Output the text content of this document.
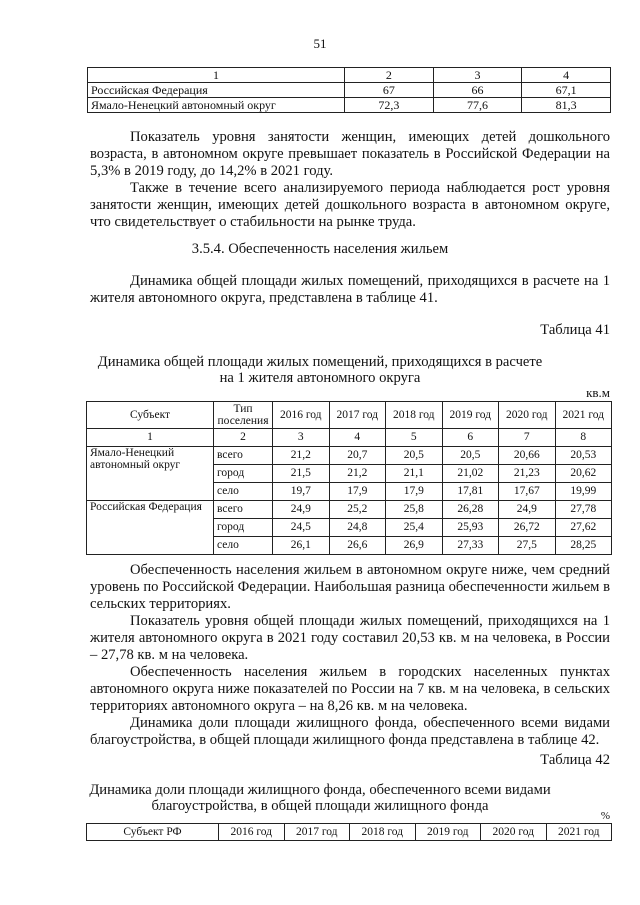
51
1	2	3	4
Российская Федерация	67	66	67,1
Ямало-Ненецкий автономный округ	72,3	77,6	81,3

Показатель уровня занятости женщин, имеющих детей дошкольного возраста, в автономном округе превышает показатель в Российской Федерации на 5,3% в 2019 году, до 14,2% в 2021 году.

Также в течение всего анализируемого периода наблюдается рост уровня занятости женщин, имеющих детей дошкольного возраста в автономном округе, что свидетельствует о стабильности на рынке труда.

3.5.4. Обеспеченность населения жильем

Динамика общей площади жилых помещений, приходящихся в расчете на 1 жителя автономного округа, представлена в таблице 41.

Таблица 41
Динамика общей площади жилых помещений, приходящихся в расчете
на 1 жителя автономного округа
кв.м
Субъект	Тип поселения	2016 год	2017 год	2018 год	2019 год	2020 год	2021 год
1	2	3	4	5	6	7	8
Ямало-Ненецкий автономный округ	всего	21,2	20,7	20,5	20,5	20,66	20,53
	город	21,5	21,2	21,1	21,02	21,23	20,62
	село	19,7	17,9	17,9	17,81	17,67	19,99
Российская Федерация	всего	24,9	25,2	25,8	26,28	24,9	27,78
	город	24,5	24,8	25,4	25,93	26,72	27,62
	село	26,1	26,6	26,9	27,33	27,5	28,25

Обеспеченность населения жильем в автономном округе ниже, чем средний уровень по Российской Федерации. Наибольшая разница обеспеченности жильем в сельских территориях.

Показатель уровня общей площади жилых помещений, приходящихся на 1 жителя автономного округа в 2021 году составил 20,53 кв. м на человека, в России – 27,78 кв. м на человека.

Обеспеченность населения жильем в городских населенных пунктах автономного округа ниже показателей по России на 7 кв. м на человека, в сельских территориях автономного округа – на 8,26 кв. м на человека.

Динамика доли площади жилищного фонда, обеспеченного всеми видами благоустройства, в общей площади жилищного фонда представлена в таблице 42.

Таблица 42
Динамика доли площади жилищного фонда, обеспеченного всеми видами
благоустройства, в общей площади жилищного фонда
%
Субъект РФ	2016 год	2017 год	2018 год	2019 год	2020 год	2021 год
